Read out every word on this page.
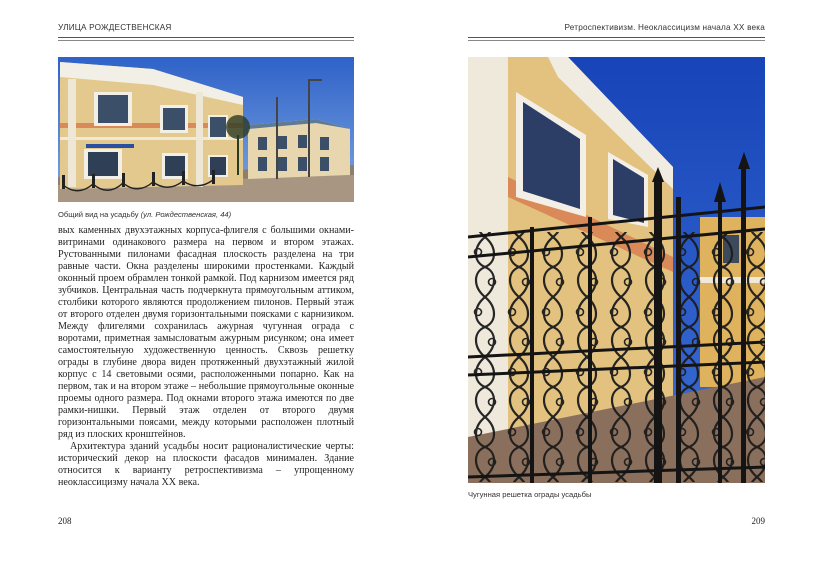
УЛИЦА РОЖДЕСТВЕНСКАЯ
Общий вид на усадьбу (ул. Рождественская, 44)

вых каменных двухэтажных корпуса-флигеля с большими окнами-витринами одинакового размера на первом и втором этажах. Рустованными пилонами фасадная плоскость разделена на три равные части. Окна разделены широкими простенками. Каждый оконный проем обрамлен тонкой рамкой. Под карнизом имеется ряд зубчиков. Центральная часть подчеркнута прямоугольным аттиком, столбики которого являются продолжением пилонов. Первый этаж от второго отделен двумя горизонтальными поясками с карнизиком. Между флигелями сохранилась ажурная чугунная ограда с воротами, приметная замысловатым ажурным рисунком; она имеет самостоятельную художественную ценность. Сквозь решетку ограды в глубине двора виден протяженный двухэтажный жилой корпус с 14 световыми осями, расположенными попарно. Как на первом, так и на втором этаже – небольшие прямоугольные оконные проемы одного размера. Под окнами второго этажа имеются по две рамки-нишки. Первый этаж отделен от второго двумя горизонтальными поясами, между которыми расположен плотный ряд из плоских кронштейнов.

Архитектура зданий усадьбы носит рационалистические черты: исторический декор на плоскости фасадов минимален. Здание относится к варианту ретроспективизма – упрощенному неоклассицизму начала XX века.

208
Ретроспективизм. Неоклассицизм начала XX века
Чугунная решетка ограды усадьбы
209
